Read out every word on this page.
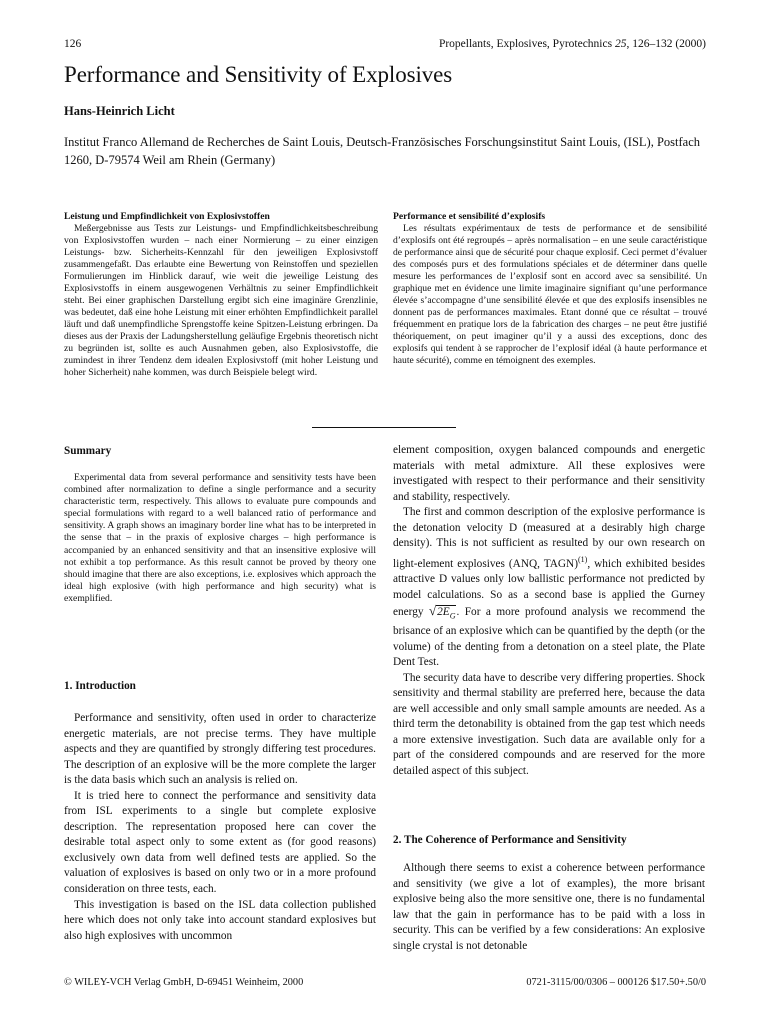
126	Propellants, Explosives, Pyrotechnics 25, 126–132 (2000)
Performance and Sensitivity of Explosives
Hans-Heinrich Licht
Institut Franco Allemand de Recherches de Saint Louis, Deutsch-Französisches Forschungsinstitut Saint Louis, (ISL), Postfach 1260, D-79574 Weil am Rhein (Germany)
Leistung und Empfindlichkeit von Explosivstoffen

Meßergebnisse aus Tests zur Leistungs- und Empfindlichkeitsbeschreibung von Explosivstoffen wurden – nach einer Normierung – zu einer einzigen Leistungs- bzw. Sicherheits-Kennzahl für den jeweiligen Explosivstoff zusammengefaßt. Das erlaubte eine Bewertung von Reinstoffen und speziellen Formulierungen im Hinblick darauf, wie weit die jeweilige Leistung des Explosivstoffs in einem ausgewogenen Verhältnis zu seiner Empfindlichkeit steht. Bei einer graphischen Darstellung ergibt sich eine imaginäre Grenzlinie, was bedeutet, daß eine hohe Leistung mit einer erhöhten Empfindlichkeit parallel läuft und daß unempfindliche Sprengstoffe keine Spitzen-Leistung erbringen. Da dieses aus der Praxis der Ladungsherstellung geläufige Ergebnis theoretisch nicht zu begründen ist, sollte es auch Ausnahmen geben, also Explosivstoffe, die zumindest in ihrer Tendenz dem idealen Explosivstoff (mit hoher Leistung und hoher Sicherheit) nahe kommen, was durch Beispiele belegt wird.

Performance et sensibilité d’explosifs

Les résultats expérimentaux de tests de performance et de sensibilité d’explosifs ont été regroupés – après normalisation – en une seule caractéristique de performance ainsi que de sécurité pour chaque explosif. Ceci permet d’évaluer des composés purs et des formulations spéciales et de déterminer dans quelle mesure les performances de l’explosif sont en accord avec sa sensibilité. Un graphique met en évidence une limite imaginaire signifiant qu’une performance élevée s’accompagne d’une sensibilité élevée et que des explosifs insensibles ne donnent pas de performances maximales. Etant donné que ce résultat – trouvé fréquemment en pratique lors de la fabrication des charges – ne peut être justifié théoriquement, on peut imaginer qu’il y a aussi des exceptions, donc des explosifs qui tendent à se rapprocher de l’explosif idéal (à haute performance et haute sécurité), comme en témoignent des exemples.

Summary

Experimental data from several performance and sensitivity tests have been combined after normalization to define a single performance and a security characteristic term, respectively. This allows to evaluate pure compounds and special formulations with regard to a well balanced ratio of performance and sensitivity. A graph shows an imaginary border line what has to be interpreted in the sense that – in the praxis of explosive charges – high performance is accompanied by an enhanced sensitivity and that an insensitive explosive will not exhibit a top performance. As this result cannot be proved by theory one should imagine that there are also exceptions, i.e. explosives which approach the ideal high explosive (with high performance and high security) what is exemplified.

1. Introduction

Performance and sensitivity, often used in order to characterize energetic materials, are not precise terms. They have multiple aspects and they are quantified by strongly differing test procedures. The description of an explosive will be the more complete the larger is the data basis which such an analysis is relied on.

It is tried here to connect the performance and sensitivity data from ISL experiments to a single but complete explosive description. The representation proposed here can cover the desirable total aspect only to some extent as (for good reasons) exclusively own data from well defined tests are applied. So the valuation of explosives is based on only two or in a more profound consideration on three tests, each.

This investigation is based on the ISL data collection published here which does not only take into account standard explosives but also high explosives with uncommon

element composition, oxygen balanced compounds and energetic materials with metal admixture. All these explosives were investigated with respect to their performance and their sensitivity and stability, respectively.

The first and common description of the explosive performance is the detonation velocity D (measured at a desirably high charge density). This is not sufficient as resulted by our own research on light-element explosives (ANQ, TAGN)$^{(1)}$, which exhibited besides attractive D values only low ballistic performance not predicted by model calculations. So as a second base is applied the Gurney energy $√2E_G$. For a more profound analysis we recommend the brisance of an explosive which can be quantified by the depth (or the volume) of the denting from a detonation on a steel plate, the Plate Dent Test.

The security data have to describe very differing properties. Shock sensitivity and thermal stability are preferred here, because the data are well accessible and only small sample amounts are needed. As a third term the detonability is obtained from the gap test which needs a more extensive investigation. Such data are available only for a part of the considered compounds and are reserved for the more detailed aspect of this subject.

2. The Coherence of Performance and Sensitivity

Although there seems to exist a coherence between performance and sensitivity (we give a lot of examples), the more brisant explosive being also the more sensitive one, there is no fundamental law that the gain in performance has to be paid with a loss in security. This can be verified by a few considerations: An explosive single crystal is not detonable

© WILEY-VCH Verlag GmbH, D-69451 Weinheim, 2000	0721-3115/00/0306 – 000126 $17.50+.50/0
